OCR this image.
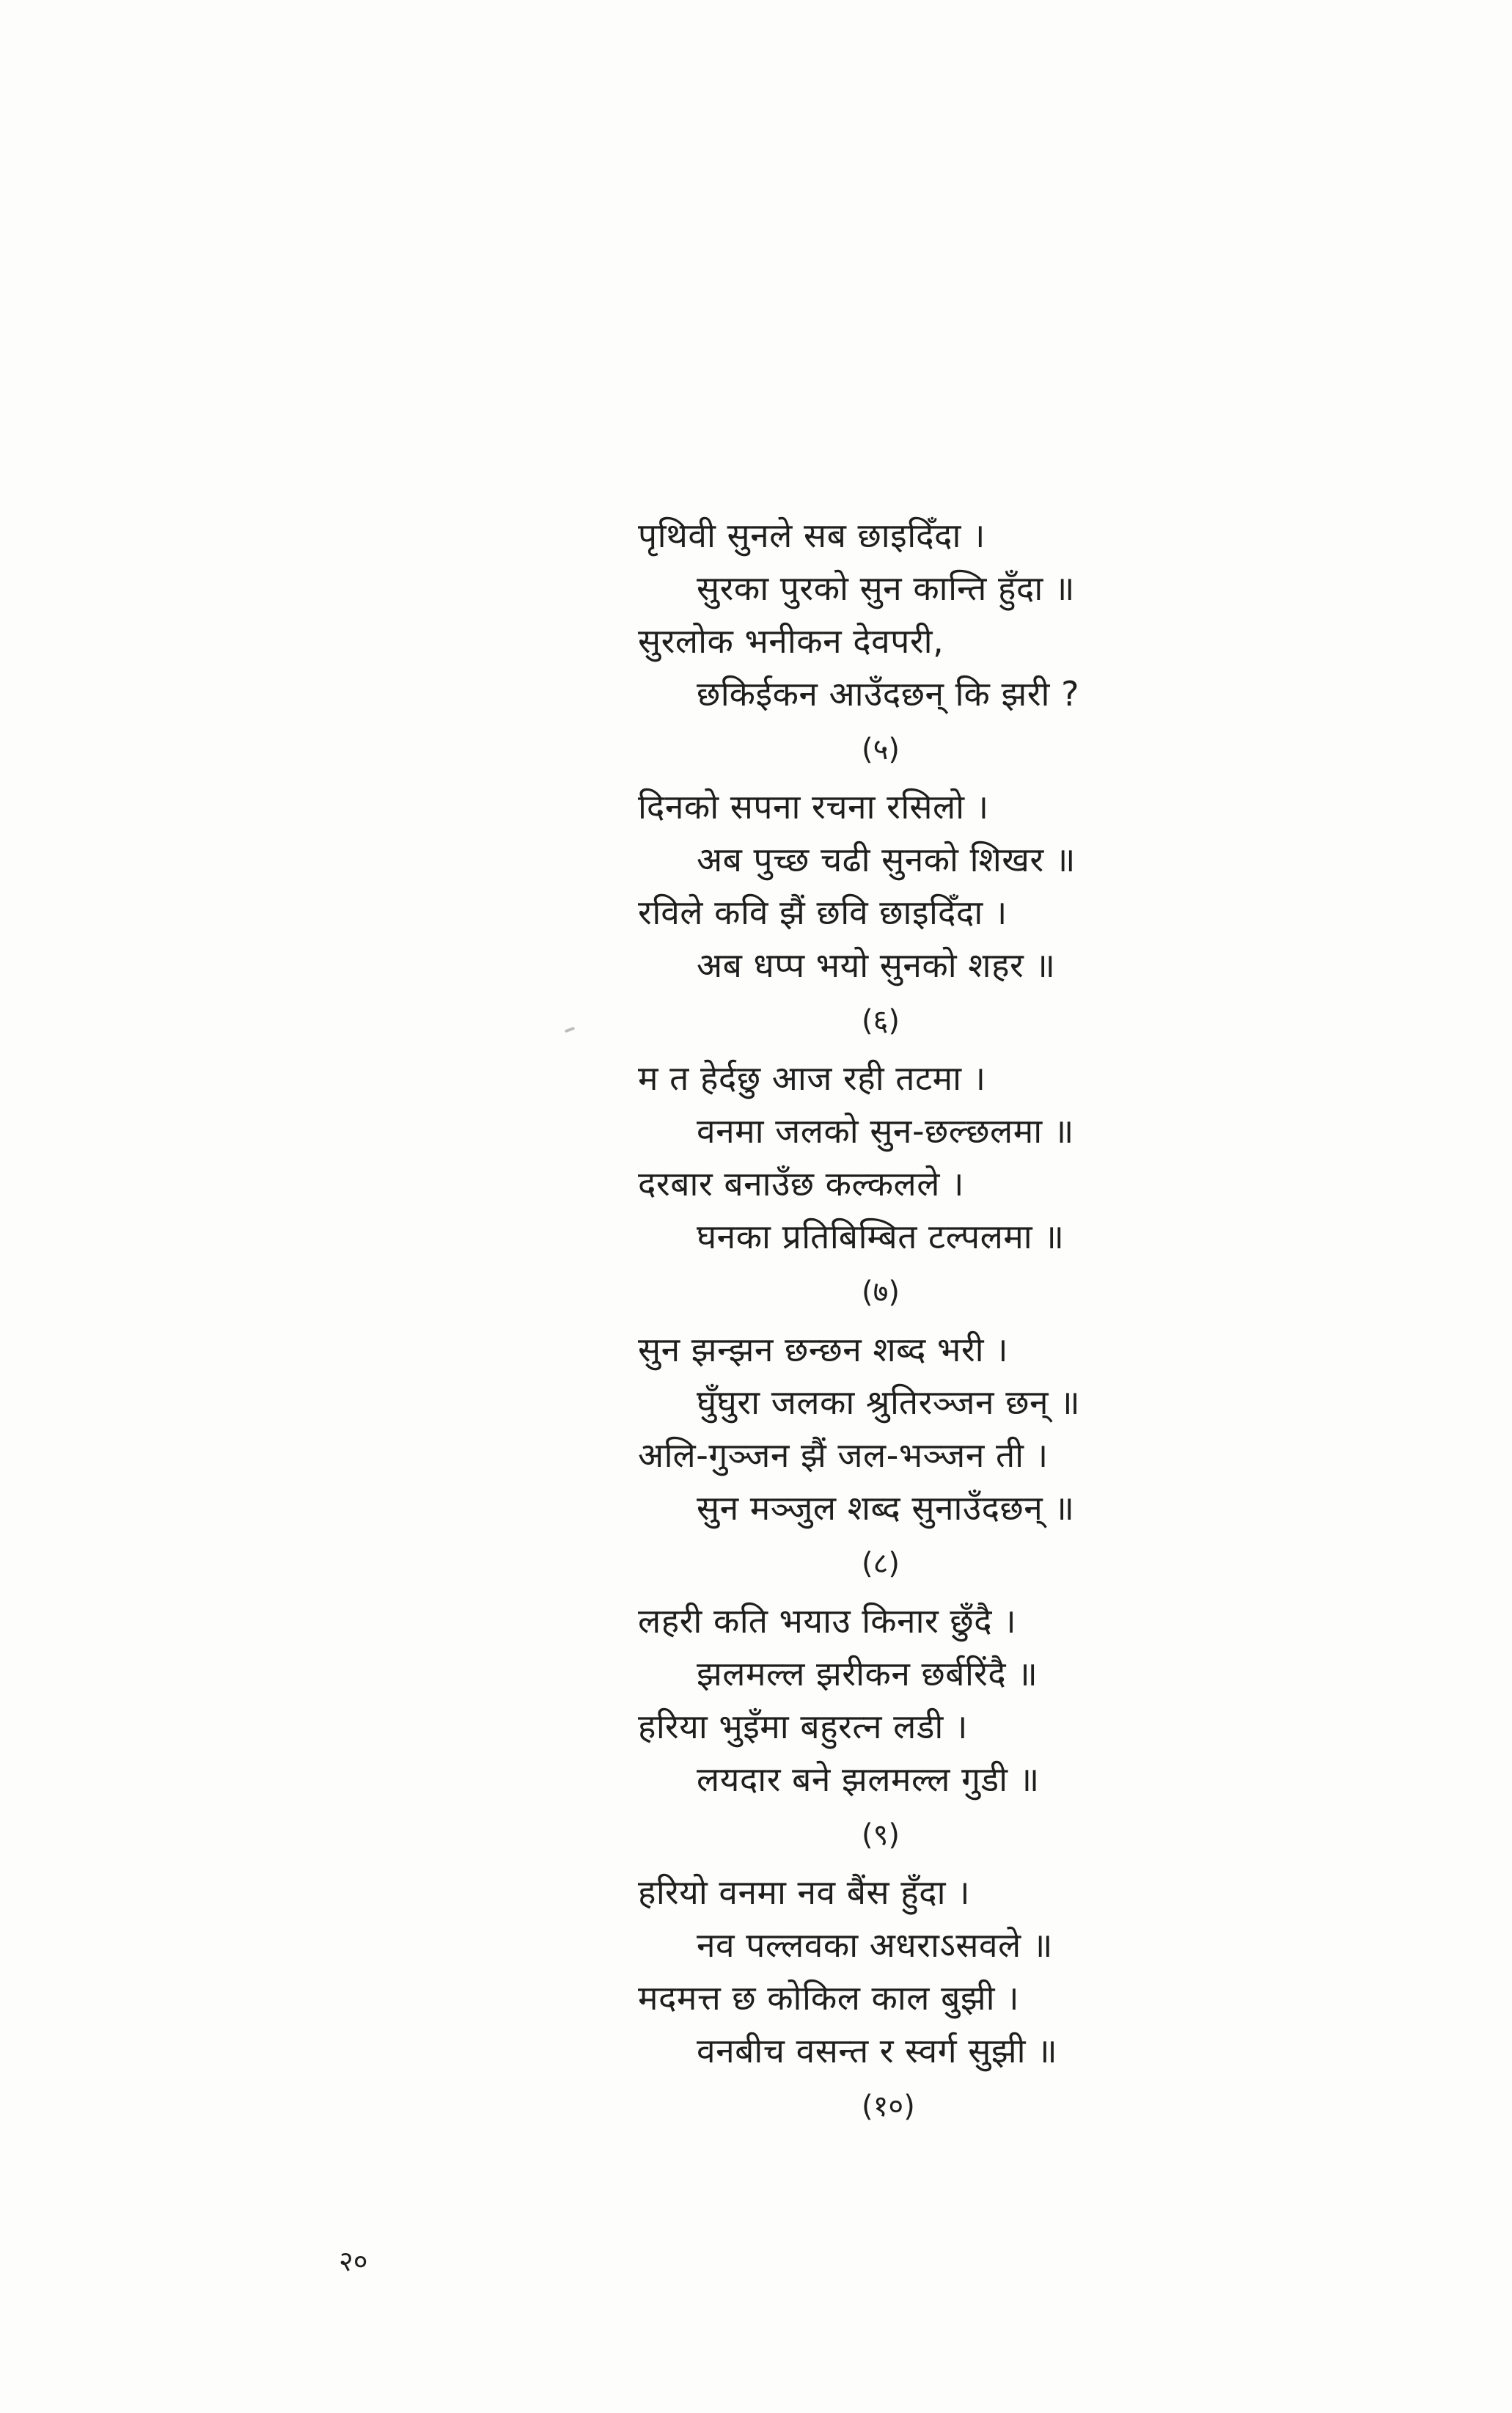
पृथिवी सुनले सब छाइदिँदा ।
सुरका पुरको सुन कान्ति हुँदा ॥
सुरलोक भनीकन देवपरी,
छकिईकन आउँदछन् कि झरी ?
(५)
दिनको सपना रचना रसिलो ।
अब पुच्छ चढी सुनको शिखर ॥
रविले कवि झैं छवि छाइदिँदा ।
अब धप्प भयो सुनको शहर ॥
(६)
म त हेर्दछु आज रही तटमा ।
वनमा जलको सुन-छल्छलमा ॥
दरबार बनाउँछ कल्कलले ।
घनका प्रतिबिम्बित टल्पलमा ॥
(७)
सुन झन्झन छन्छन शब्द भरी ।
घुँघुरा जलका श्रुतिरञ्जन छन् ॥
अलि-गुञ्जन झैं जल-भञ्जन ती ।
सुन मञ्जुल शब्द सुनाउँदछन् ॥
(८)
लहरी कति भयाउ किनार छुँदै ।
झलमल्ल झरीकन छर्बरिंदै ॥
हरिया भुइँमा बहुरत्न लडी ।
लयदार बने झलमल्ल गुडी ॥
(९)
हरियो वनमा नव बैंस हुँदा ।
नव पल्लवका अधराऽसवले ॥
मदमत्त छ कोकिल काल बुझी ।
वनबीच वसन्त र स्वर्ग सुझी ॥
(१०)
२०
